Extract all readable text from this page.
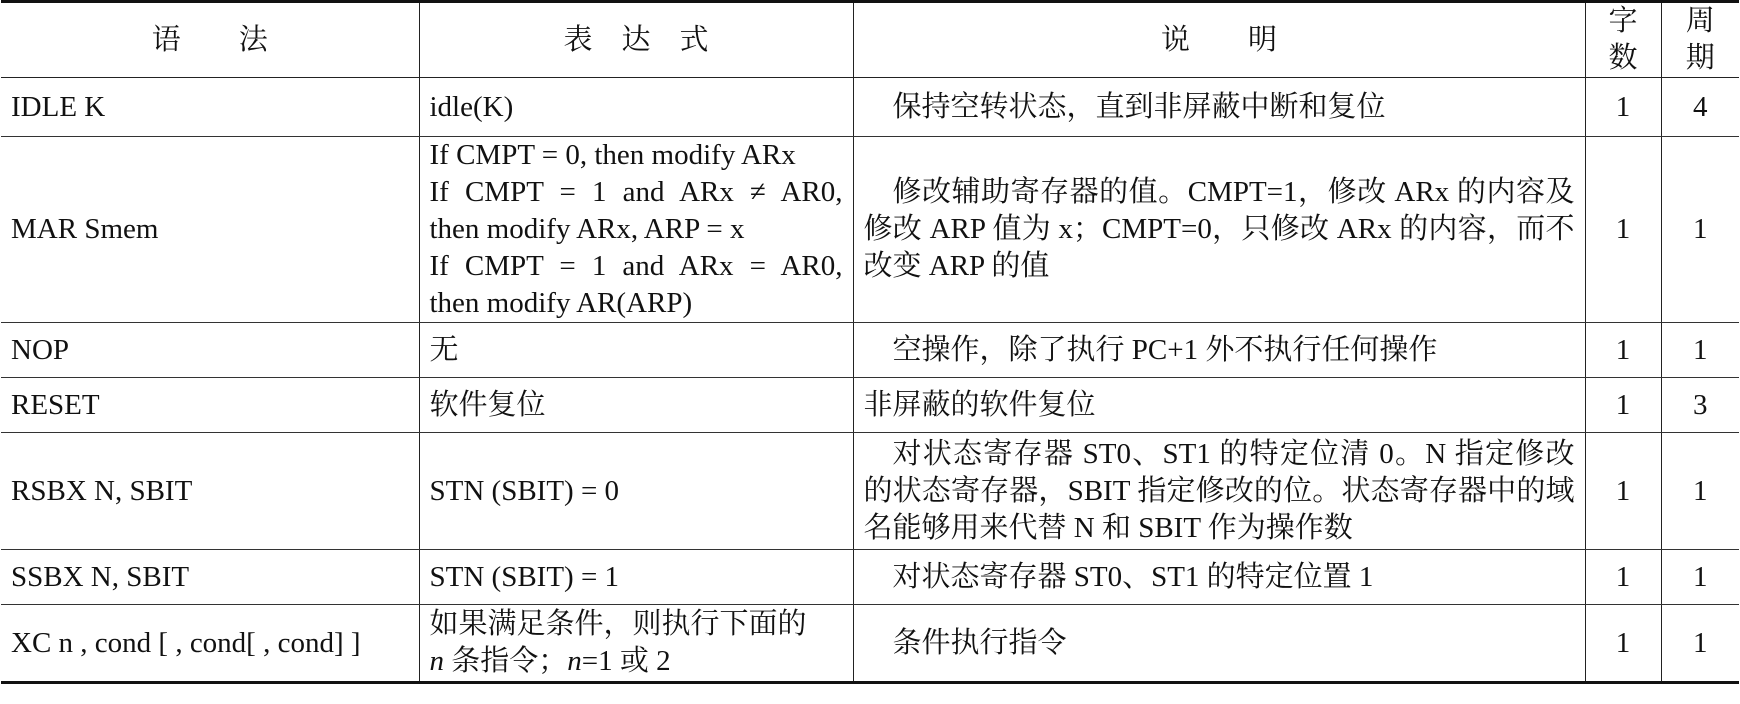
语　　法	表　达　式	说　　明	字数	周期
IDLE K	idle(K)	保持空转状态，直到非屏蔽中断和复位	1	4
MAR Smem	If CMPT = 0, then modify ARx
If CMPT = 1 and ARx ≠ AR0,
then modify ARx, ARP = x
If CMPT = 1 and ARx = AR0,
then modify AR(ARP)	修改辅助寄存器的值。CMPT=1，修改 ARx 的内容及修改 ARP 值为 x；CMPT=0，只修改 ARx 的内容，而不改变 ARP 的值	1	1
NOP	无	空操作，除了执行 PC+1 外不执行任何操作	1	1
RESET	软件复位	非屏蔽的软件复位	1	3
RSBX N, SBIT	STN (SBIT) = 0	对状态寄存器 ST0、ST1 的特定位清 0。N 指定修改的状态寄存器，SBIT 指定修改的位。状态寄存器中的域名能够用来代替 N 和 SBIT 作为操作数	1	1
SSBX N, SBIT	STN (SBIT) = 1	对状态寄存器 ST0、ST1 的特定位置 1	1	1
XC n , cond [ , cond[ , cond] ]	如果满足条件，则执行下面的
n 条指令；n=1 或 2	条件执行指令	1	1
